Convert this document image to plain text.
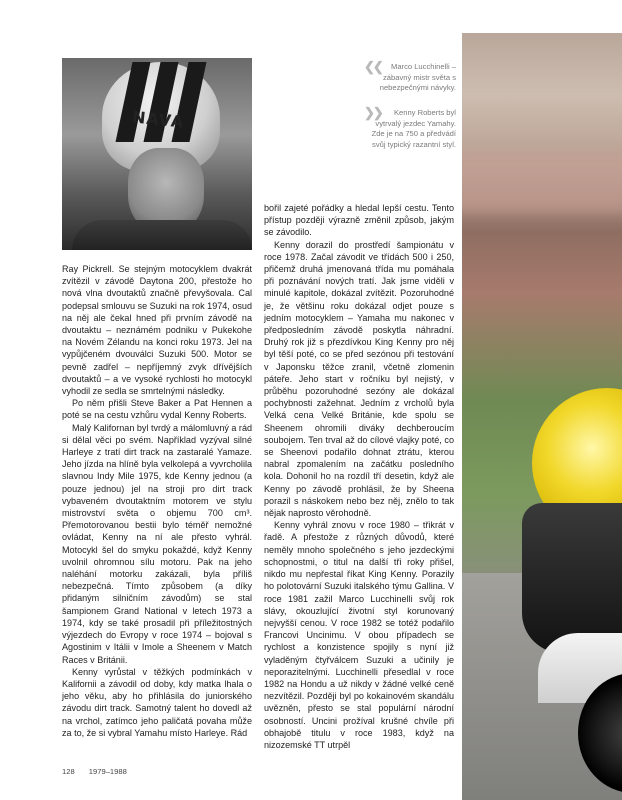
NAVA
❮❮ Marco Lucchinelli – zábavný mistr světa s nebezpečnými návyky.
❯❯ Kenny Roberts byl vytrvalý jezdec Yamahy. Zde je na 750 a předvádí svůj typický razantní styl.

Ray Pickrell. Se stejným motocyklem dvakrát zvítězil v závodě Daytona 200, přestože ho nová vlna dvoutaktů značně převyšovala. Cal podepsal smlouvu se Suzuki na rok 1974, osud na něj ale čekal hned při prvním závodě na dvoutaktu – neznámém podniku v Pukekohe na Novém Zélandu na konci roku 1973. Jel na vypůjčeném dvouválci Suzuki 500. Motor se pevně zadřel – nepříjemný zvyk dřívějších dvoutaktů – a ve vysoké rychlosti ho motocykl vyhodil ze sedla se smrtelnými následky.

Po něm přišli Steve Baker a Pat Hennen a poté se na cestu vzhůru vydal Kenny Roberts.

Malý Kalifornan byl tvrdý a málomluvný a rád si dělal věci po svém. Například vyzýval silné Harleye z tratí dirt track na zastaralé Yamaze. Jeho jízda na hlíně byla velkolepá a vyvrcholila slavnou Indy Mile 1975, kde Kenny jednou (a pouze jednou) jel na stroji pro dirt track vybaveném dvoutaktním motorem ve stylu mistrovství světa o objemu 700 cm³. Přemotorovanou bestii bylo téměř nemožné ovládat, Kenny na ní ale přesto vyhrál. Motocykl šel do smyku pokaždé, když Kenny uvolnil ohromnou sílu motoru. Pak na jeho naléhání motorku zakázali, byla příliš nebezpečná. Tímto způsobem (a díky přidaným silničním závodům) se stal šampionem Grand National v letech 1973 a 1974, kdy se také prosadil při příležitostných výjezdech do Evropy v roce 1974 – bojoval s Agostinim v Itálii v Imole a Sheenem v Match Races v Británii.

Kenny vyrůstal v těžkých podmínkách v Kalifornii a závodil od doby, kdy matka lhala o jeho věku, aby ho přihlásila do juniorského závodu dirt track. Samotný talent ho dovedl až na vrchol, zatímco jeho paličatá povaha může za to, že si vybral Yamahu místo Harleye. Rád

bořil zajeté pořádky a hledal lepší cestu. Tento přístup později výrazně změnil způsob, jakým se závodilo.

Kenny dorazil do prostředí šampionátu v roce 1978. Začal závodit ve třídách 500 i 250, přičemž druhá jmenovaná třída mu pomáhala při poznávání nových tratí. Jak jsme viděli v minulé kapitole, dokázal zvítězit. Pozoruhodné je, že většinu roku dokázal odjet pouze s jedním motocyklem – Yamaha mu nakonec v předposledním závodě poskytla náhradní. Druhý rok již s přezdívkou King Kenny pro něj byl těší poté, co se před sezónou při testování v Japonsku těžce zranil, včetně zlomenin páteře. Jeho start v ročníku byl nejistý, v průběhu pozoruhodné sezóny ale dokázal pochybnosti zažehnat. Jedním z vrcholů byla Velká cena Velké Británie, kde spolu se Sheenem ohromili diváky dechberoucím soubojem. Ten trval až do cílové vlajky poté, co se Sheenovi podařilo dohnat ztrátu, kterou nabral zpomalením na začátku posledního kola. Dohonil ho na rozdíl tří desetin, když ale Kenny po závodě prohlásil, že by Sheena porazil s náskokem nebo bez něj, znělo to tak nějak naprosto věrohodně.

Kenny vyhrál znovu v roce 1980 – třikrát v řadě. A přestože z různých důvodů, které neměly mnoho společného s jeho jezdeckými schopnostmi, o titul na další tři roky přišel, nikdo mu nepřestal říkat King Kenny. Porazily ho polotovární Suzuki italského týmu Gallina. V roce 1981 zažil Marco Lucchinelli svůj rok slávy, okouzlující životní styl korunovaný nejvyšší cenou. V roce 1982 se totéž podařilo Francovi Uncinimu. V obou případech se rychlost a konzistence spojily s nyní již vyladěným čtyřválcem Suzuki a učinily je neporazitelnými. Lucchinelli přesedlal v roce 1982 na Hondu a už nikdy v žádné velké ceně nezvítězil. Později byl po kokainovém skandálu uvězněn, přesto se stal populární národní osobností. Uncini prožíval krušné chvíle při obhajobě titulu v roce 1983, když na nizozemské TT utrpěl

128 1979–1988
